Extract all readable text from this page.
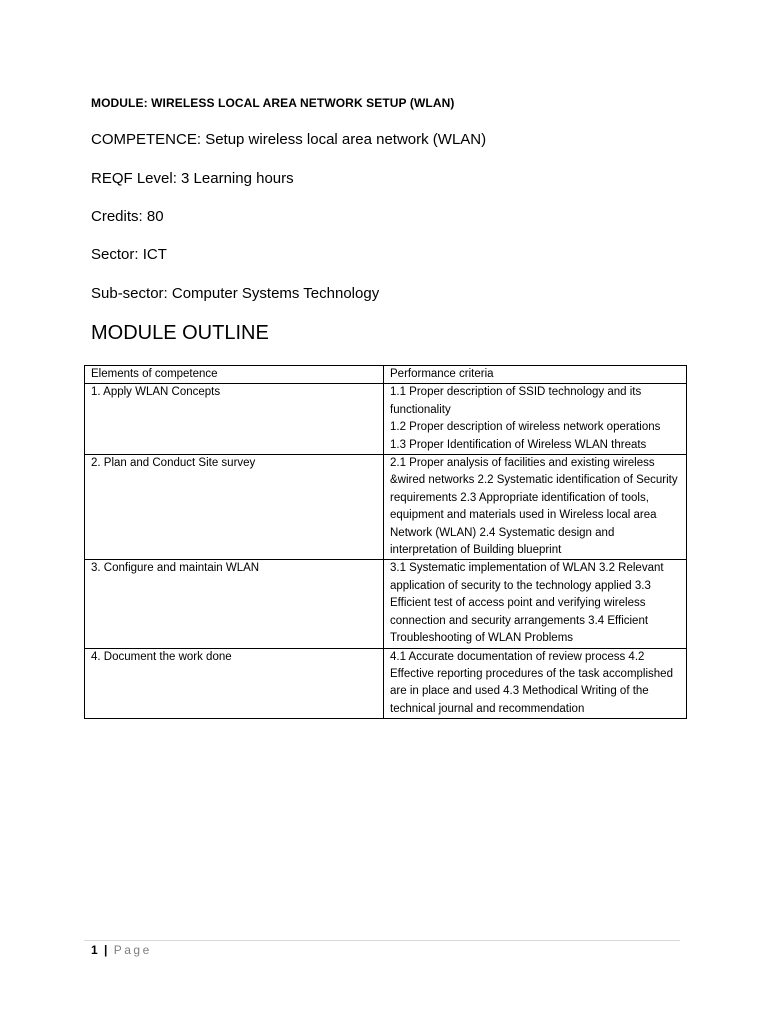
MODULE: WIRELESS LOCAL AREA NETWORK SETUP (WLAN)
COMPETENCE: Setup wireless local area network (WLAN)
REQF Level: 3 Learning hours
Credits: 80
Sector: ICT
Sub-sector: Computer Systems Technology
MODULE OUTLINE
Elements of competence	Performance criteria
1. Apply WLAN Concepts	1.1 Proper description of SSID technology and its functionality
1.2 Proper description of wireless network operations
1.3 Proper Identification of Wireless WLAN threats

2. Plan and Conduct Site survey	2.1 Proper analysis of facilities and existing wireless &wired networks 2.2 Systematic identification of Security requirements 2.3 Appropriate identification of tools, equipment and materials used in Wireless local area Network (WLAN) 2.4 Systematic design and interpretation of Building blueprint

3. Configure and maintain WLAN	3.1 Systematic implementation of WLAN 3.2 Relevant application of security to the technology applied 3.3 Efficient test of access point and verifying wireless connection and security arrangements 3.4 Efficient Troubleshooting of WLAN Problems

4. Document the work done	4.1 Accurate documentation of review process 4.2 Effective reporting procedures of the task accomplished are in place and used 4.3 Methodical Writing of the technical journal and recommendation
1 | Page
